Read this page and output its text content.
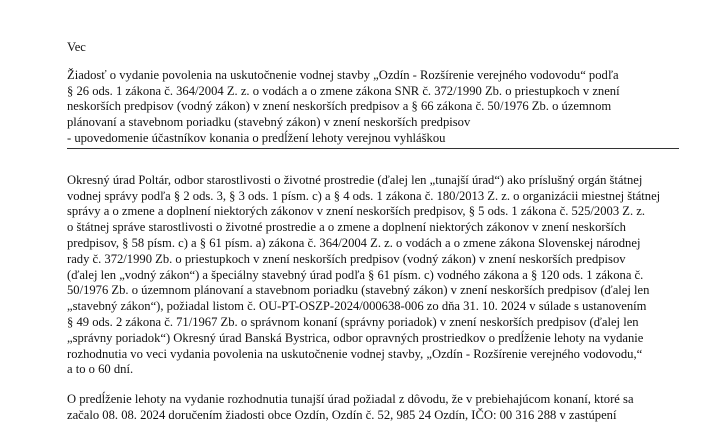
Vec

Žiadosť o vydanie povolenia na uskutočnenie vodnej stavby „Ozdín - Rozšírenie verejného vodovodu“ podľa
§ 26 ods. 1 zákona č. 364/2004 Z. z. o vodách a o zmene zákona SNR č. 372/1990 Zb. o priestupkoch v znení
neskorších predpisov (vodný zákon) v znení neskorších predpisov a § 66 zákona č. 50/1976 Zb. o územnom
plánovaní a stavebnom poriadku (stavebný zákon) v znení neskorších predpisov
- upovedomenie účastníkov konania o predĺžení lehoty verejnou vyhláškou
Okresný úrad Poltár, odbor starostlivosti o životné prostredie (ďalej len „tunajší úrad“) ako príslušný orgán štátnej
vodnej správy podľa § 2 ods. 3, § 3 ods. 1 písm. c) a § 4 ods. 1 zákona č. 180/2013 Z. z. o organizácii miestnej štátnej
správy a o zmene a doplnení niektorých zákonov v znení neskorších predpisov, § 5 ods. 1 zákona č. 525/2003 Z. z.
o štátnej správe starostlivosti o životné prostredie a o zmene a doplnení niektorých zákonov v znení neskorších
predpisov, § 58 písm. c) a § 61 písm. a) zákona č. 364/2004 Z. z. o vodách a o zmene zákona Slovenskej národnej
rady č. 372/1990 Zb. o priestupkoch v znení neskorších predpisov (vodný zákon) v znení neskorších predpisov
(ďalej len „vodný zákon“) a špeciálny stavebný úrad podľa § 61 písm. c) vodného zákona a § 120 ods. 1 zákona č.
50/1976 Zb. o územnom plánovaní a stavebnom poriadku (stavebný zákon) v znení neskorších predpisov (ďalej len
„stavebný zákon“), požiadal listom č. OU-PT-OSZP-2024/000638-006 zo dňa 31. 10. 2024 v súlade s ustanovením
§ 49 ods. 2 zákona č. 71/1967 Zb. o správnom konaní (správny poriadok) v znení neskorších predpisov (ďalej len
„správny poriadok“) Okresný úrad Banská Bystrica, odbor opravných prostriedkov o predĺženie lehoty na vydanie
rozhodnutia vo veci vydania povolenia na uskutočnenie vodnej stavby, „Ozdín - Rozšírenie verejného vodovodu,“
a to o 60 dní.
O predĺženie lehoty na vydanie rozhodnutia tunajší úrad požiadal z dôvodu, že v prebiehajúcom konaní, ktoré sa
začalo 08. 08. 2024 doručením žiadosti obce Ozdín, Ozdín č. 52, 985 24 Ozdín, IČO: 00 316 288 v zastúpení
